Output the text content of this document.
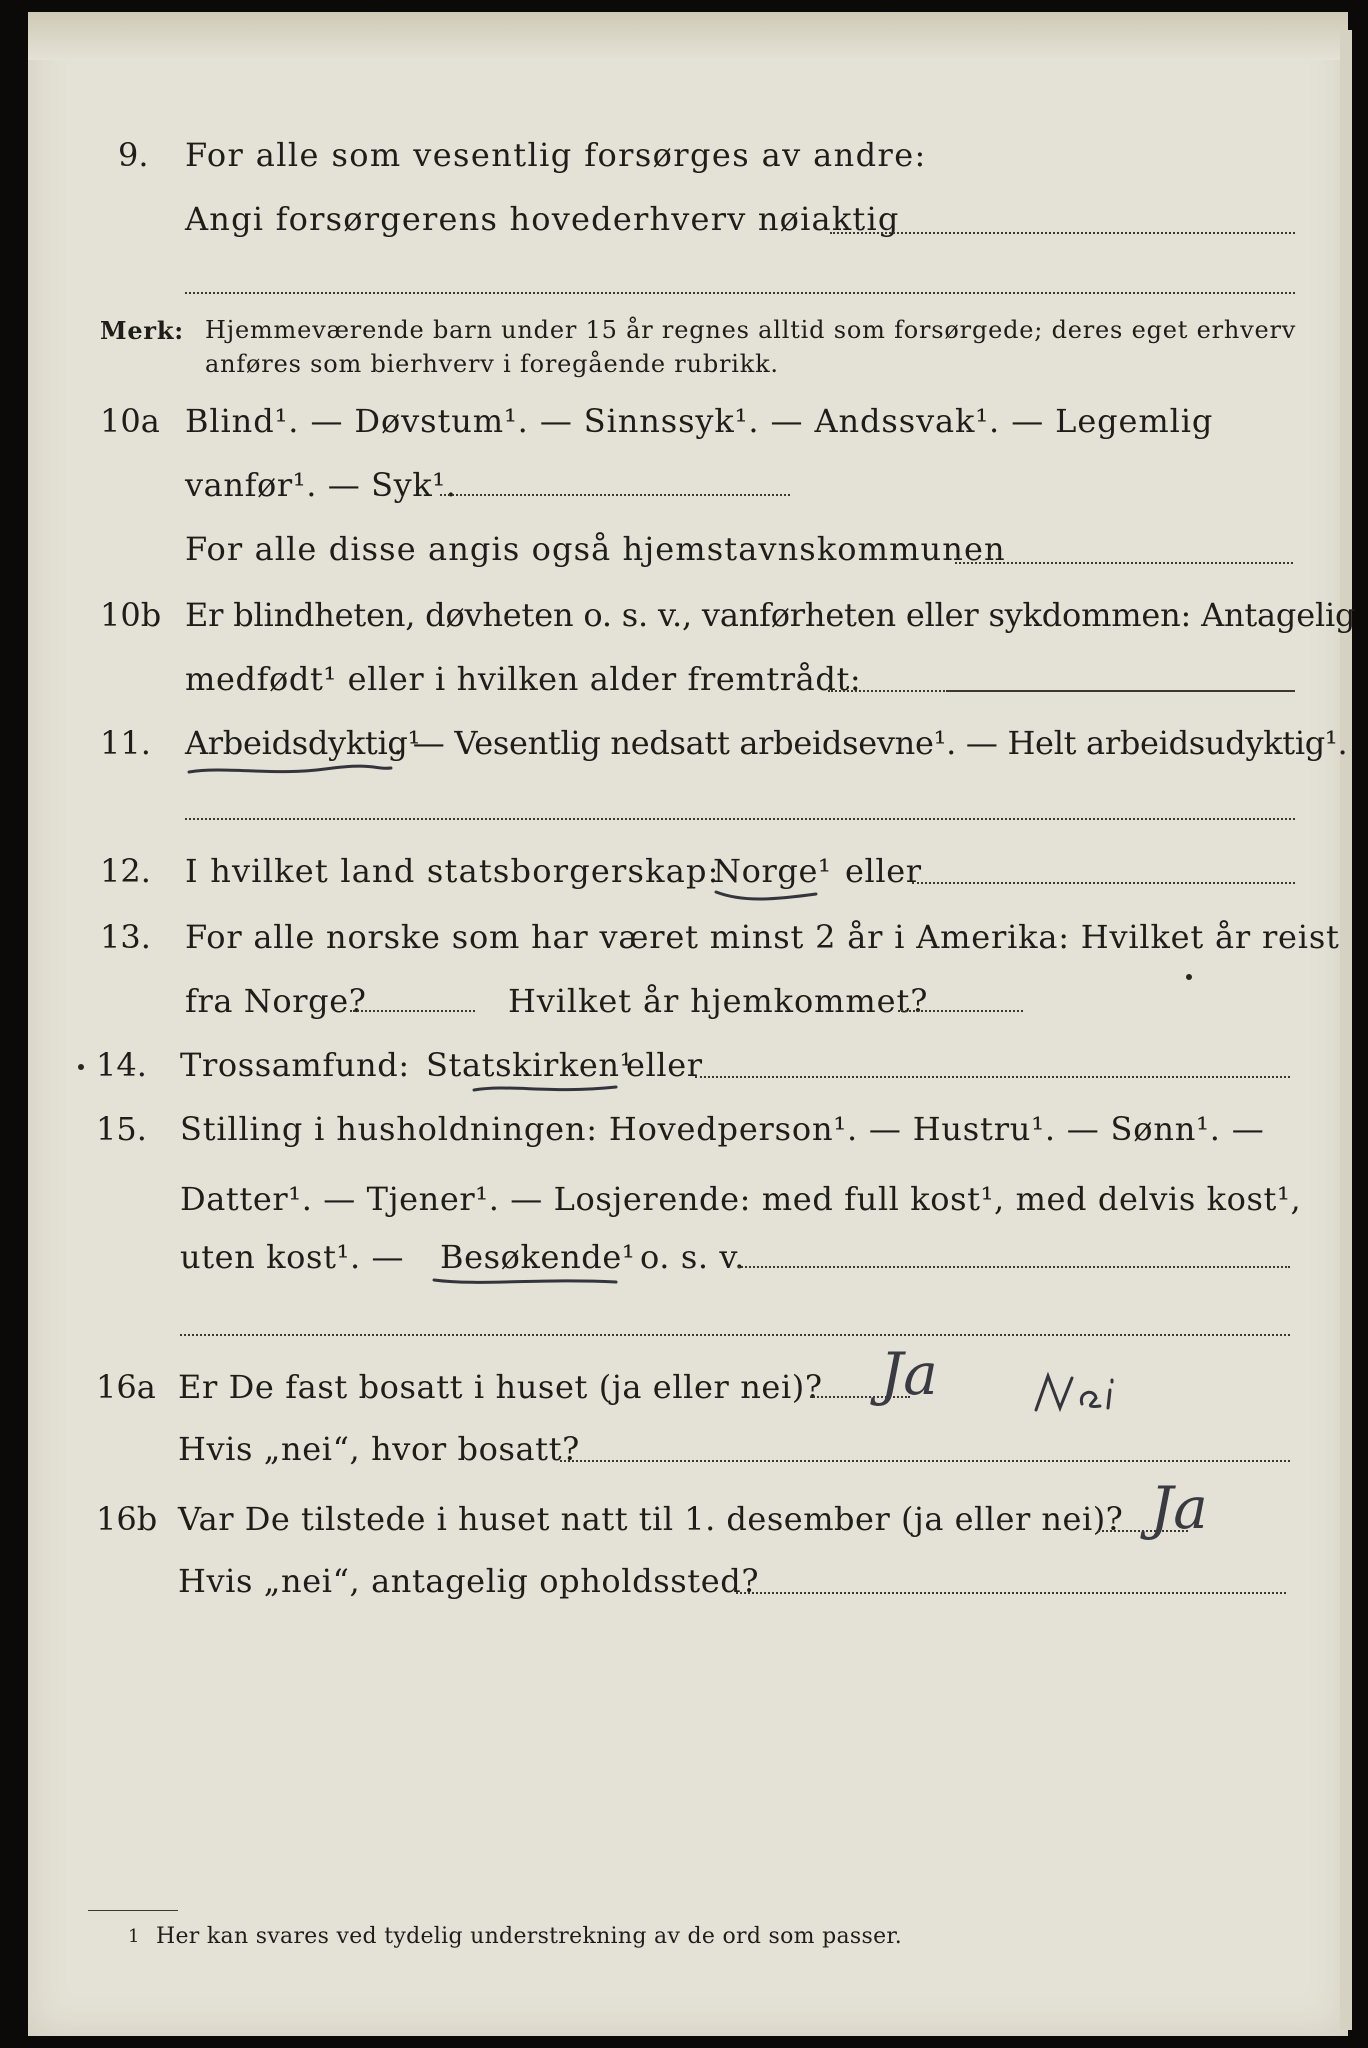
9. For alle som vesentlig forsørges av andre:
Angi forsørgerens hovederhverv nøiaktig
Merk: Hjemmeværende barn under 15 år regnes alltid som forsørgede; deres eget erhverv
anføres som bierhverv i foregående rubrikk.
10a Blind¹. — Døvstum¹. — Sinnssyk¹. — Andssvak¹. — Legemlig
vanfør¹. — Syk¹.
For alle disse angis også hjemstavnskommunen
10b Er blindheten, døvheten o. s. v., vanførheten eller sykdommen: Antagelig
medfødt¹ eller i hvilken alder fremtrådt:
11. Arbeidsdyktig¹
. — Vesentlig nedsatt arbeidsevne¹. — Helt arbeidsudyktig¹.
12. I hvilket land statsborgerskap:
Norge¹ eller
13. For alle norske som har været minst 2 år i Amerika: Hvilket år reist
fra Norge?	Hvilket år hjemkommet?
14. Trossamfund: Statskirken¹
eller
15. Stilling i husholdningen: Hovedperson¹. — Hustru¹. — Sønn¹. —
Datter¹. — Tjener¹. — Losjerende: med full kost¹, med delvis kost¹,
uten kost¹. — Besøkende¹ o. s. v.
16a Er De fast bosatt i huset (ja eller nei)? Ja
Hvis „nei“, hvor bosatt?
16b Var De tilstede i huset natt til 1. desember (ja eller nei)? Ja
Hvis „nei“, antagelig opholdssted?
1 Her kan svares ved tydelig understrekning av de ord som passer.
